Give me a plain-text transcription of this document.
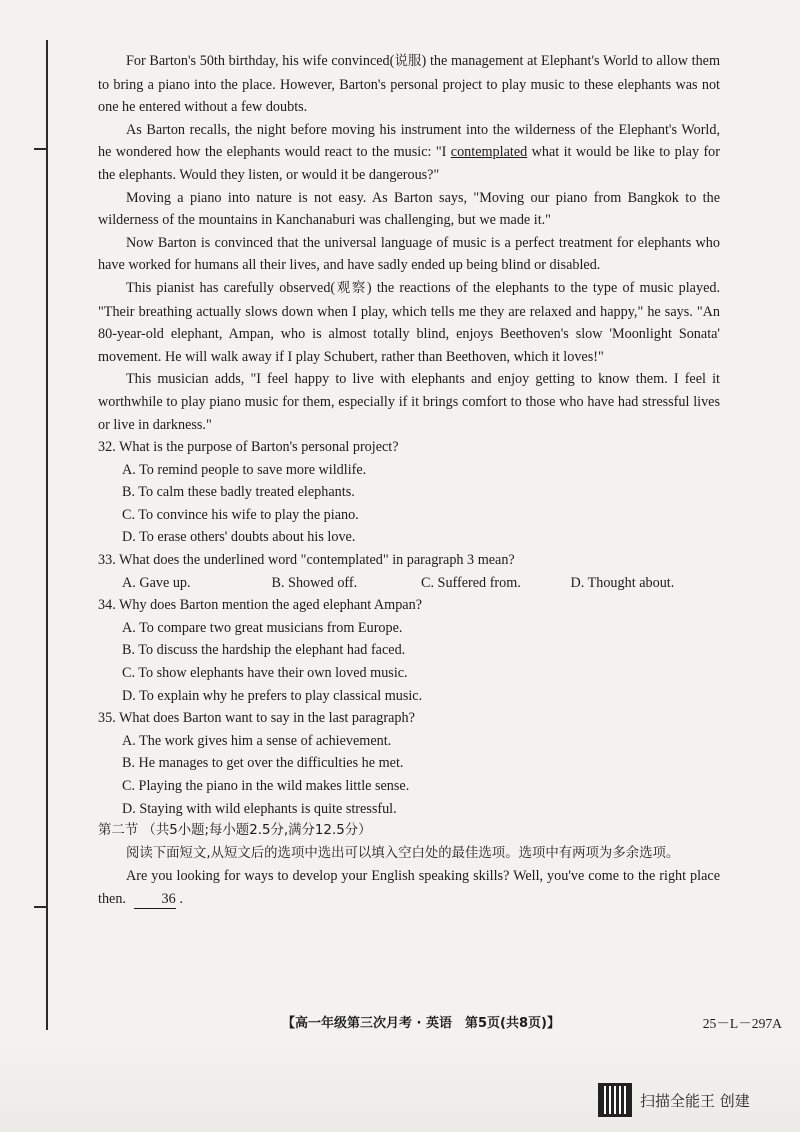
For Barton's 50th birthday, his wife convinced(说服) the management at Elephant's World to allow them to bring a piano into the place. However, Barton's personal project to play music to these elephants was not one he entered without a few doubts.

As Barton recalls, the night before moving his instrument into the wilderness of the Elephant's World, he wondered how the elephants would react to the music: "I contemplated what it would be like to play for the elephants. Would they listen, or would it be dangerous?"

Moving a piano into nature is not easy. As Barton says, "Moving our piano from Bangkok to the wilderness of the mountains in Kanchanaburi was challenging, but we made it."

Now Barton is convinced that the universal language of music is a perfect treatment for elephants who have worked for humans all their lives, and have sadly ended up being blind or disabled.

This pianist has carefully observed(观察) the reactions of the elephants to the type of music played. "Their breathing actually slows down when I play, which tells me they are relaxed and happy," he says. "An 80-year-old elephant, Ampan, who is almost totally blind, enjoys Beethoven's slow 'Moonlight Sonata' movement. He will walk away if I play Schubert, rather than Beethoven, which it loves!"

This musician adds, "I feel happy to live with elephants and enjoy getting to know them. I feel it worthwhile to play piano music for them, especially if it brings comfort to those who have had stressful lives or live in darkness."

32. What is the purpose of Barton's personal project?

A. To remind people to save more wildlife.

B. To calm these badly treated elephants.

C. To convince his wife to play the piano.

D. To erase others' doubts about his love.

33. What does the underlined word "contemplated" in paragraph 3 mean?

A. Gave up.	B. Showed off.	C. Suffered from.	D. Thought about.

34. Why does Barton mention the aged elephant Ampan?

A. To compare two great musicians from Europe.

B. To discuss the hardship the elephant had faced.

C. To show elephants have their own loved music.

D. To explain why he prefers to play classical music.

35. What does Barton want to say in the last paragraph?

A. The work gives him a sense of achievement.

B. He manages to get over the difficulties he met.

C. Playing the piano in the wild makes little sense.

D. Staying with wild elephants is quite stressful.

第二节 （共5小题;每小题2.5分,满分12.5分）

阅读下面短文,从短文后的选项中选出可以填入空白处的最佳选项。选项中有两项为多余选项。

Are you looking for ways to develop your English speaking skills? Well, you've come to the right place then.	36 .

【高一年级第三次月考 · 英语　第5页(共8页)】	25－L－297A
扫描全能王 创建
